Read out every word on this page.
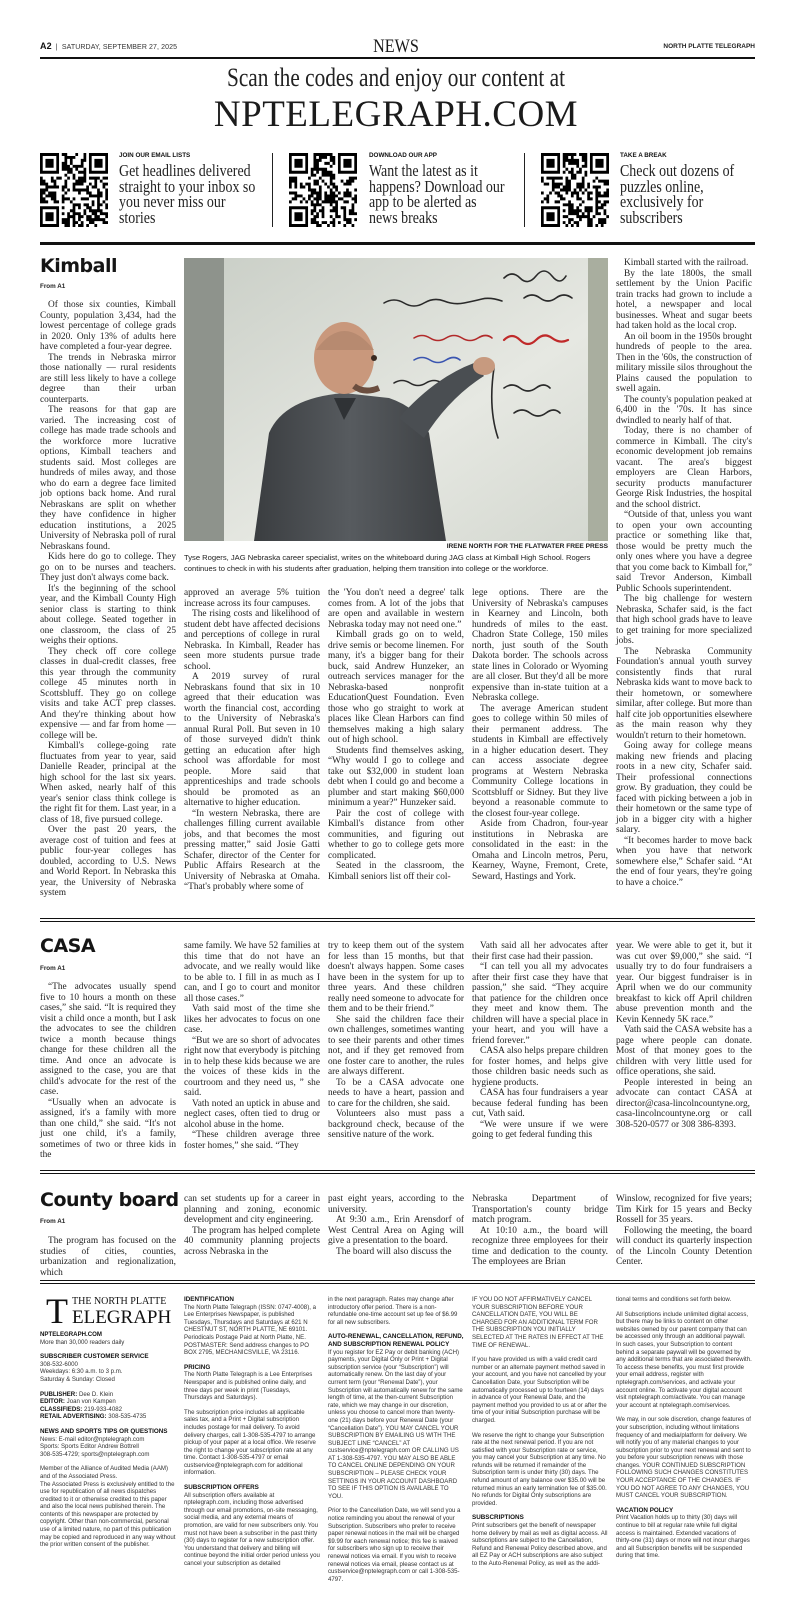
A2  |  SATURDAY, SEPTEMBER 27, 2025	NEWS	NORTH PLATTE TELEGRAPH
Scan the codes and enjoy our content at
NPTELEGRAPH.COM
JOIN OUR EMAIL LISTS
Get headlines delivered straight to your inbox so you never miss our stories
DOWNLOAD OUR APP
Want the latest as it happens? Download our app to be alerted as news breaks
TAKE A BREAK
Check out dozens of puzzles online, exclusively for subscribers
Kimball
From A1
IRENE NORTH FOR THE FLATWATER FREE PRESS
Tyse Rogers, JAG Nebraska career specialist, writes on the whiteboard during JAG class at Kimball High School. Rogers continues to check in with his students after graduation, helping them transition into college or the workforce.

Of those six counties, Kimball County, population 3,434, had the lowest percentage of college grads in 2020. Only 13% of adults here have completed a four-year degree.

The trends in Nebraska mirror those nationally — rural residents are still less likely to have a college degree than their urban counterparts.

The reasons for that gap are varied. The increasing cost of college has made trade schools and the workforce more lucrative options, Kimball teachers and students said. Most colleges are hundreds of miles away, and those who do earn a degree face limited job options back home. And rural Nebraskans are split on whether they have confidence in higher education institutions, a 2025 University of Nebraska poll of rural Nebraskans found.

Kids here do go to college. They go on to be nurses and teachers. They just don't always come back.

It's the beginning of the school year, and the Kimball County High senior class is starting to think about college. Seated together in one classroom, the class of 25 weighs their options.

They check off core college classes in dual-credit classes, free this year through the community college 45 minutes north in Scottsbluff. They go on college visits and take ACT prep classes. And they're thinking about how expensive — and far from home — college will be.

Kimball's college-going rate fluctuates from year to year, said Danielle Reader, principal at the high school for the last six years. When asked, nearly half of this year's senior class think college is the right fit for them. Last year, in a class of 18, five pursued college.

Over the past 20 years, the average cost of tuition and fees at public four-year colleges has doubled, according to U.S. News and World Report. In Nebraska this year, the University of Nebraska system

approved an average 5% tuition increase across its four campuses.

The rising costs and likelihood of student debt have affected decisions and perceptions of college in rural Nebraska. In Kimball, Reader has seen more students pursue trade school.

A 2019 survey of rural Nebraskans found that six in 10 agreed that their education was worth the financial cost, according to the University of Nebraska's annual Rural Poll. But seven in 10 of those surveyed didn't think getting an education after high school was affordable for most people. More said that apprenticeships and trade schools should be promoted as an alternative to higher education.

“In western Nebraska, there are challenges filling current available jobs, and that becomes the most pressing matter,” said Josie Gatti Schafer, director of the Center for Public Affairs Research at the University of Nebraska at Omaha. “That's probably where some of

the 'You don't need a degree' talk comes from. A lot of the jobs that are open and available in western Nebraska today may not need one.”

Kimball grads go on to weld, drive semis or become linemen. For many, it's a bigger bang for their buck, said Andrew Hunzeker, an outreach services manager for the Nebraska-based nonprofit EducationQuest Foundation. Even those who go straight to work at places like Clean Harbors can find themselves making a high salary out of high school.

Students find themselves asking, “Why would I go to college and take out $32,000 in student loan debt when I could go and become a plumber and start making $60,000 minimum a year?” Hunzeker said.

Pair the cost of college with Kimball's distance from other communities, and figuring out whether to go to college gets more complicated.

Seated in the classroom, the Kimball seniors list off their col-

lege options. There are the University of Nebraska's campuses in Kearney and Lincoln, both hundreds of miles to the east. Chadron State College, 150 miles north, just south of the South Dakota border. The schools across state lines in Colorado or Wyoming are all closer. But they'd all be more expensive than in-state tuition at a Nebraska college.

The average American student goes to college within 50 miles of their permanent address. The students in Kimball are effectively in a higher education desert. They can access associate degree programs at Western Nebraska Community College locations in Scottsbluff or Sidney. But they live beyond a reasonable commute to the closest four-year college.

Aside from Chadron, four-year institutions in Nebraska are consolidated in the east: in the Omaha and Lincoln metros, Peru, Kearney, Wayne, Fremont, Crete, Seward, Hastings and York.

Kimball started with the railroad.

By the late 1800s, the small settlement by the Union Pacific train tracks had grown to include a hotel, a newspaper and local businesses. Wheat and sugar beets had taken hold as the local crop.

An oil boom in the 1950s brought hundreds of people to the area. Then in the '60s, the construction of military missile silos throughout the Plains caused the population to swell again.

The county's population peaked at 6,400 in the '70s. It has since dwindled to nearly half of that.

Today, there is no chamber of commerce in Kimball. The city's economic development job remains vacant. The area's biggest employers are Clean Harbors, security products manufacturer George Risk Industries, the hospital and the school district.

“Outside of that, unless you want to open your own accounting practice or something like that, those would be pretty much the only ones where you have a degree that you come back to Kimball for,” said Trevor Anderson, Kimball Public Schools superintendent.

The big challenge for western Nebraska, Schafer said, is the fact that high school grads have to leave to get training for more specialized jobs.

The Nebraska Community Foundation's annual youth survey consistently finds that rural Nebraska kids want to move back to their hometown, or somewhere similar, after college. But more than half cite job opportunities elsewhere as the main reason why they wouldn't return to their hometown.

Going away for college means making new friends and placing roots in a new city, Schafer said. Their professional connections grow. By graduation, they could be faced with picking between a job in their hometown or the same type of job in a bigger city with a higher salary.

“It becomes harder to move back when you have that network somewhere else,” Schafer said. “At the end of four years, they're going to have a choice.”

CASA
From A1

“The advocates usually spend five to 10 hours a month on these cases,” she said. “It is required they visit a child once a month, but I ask the advocates to see the children twice a month because things change for these children all the time. And once an advocate is assigned to the case, you are that child's advocate for the rest of the case.

“Usually when an advocate is assigned, it's a family with more than one child,” she said. “It's not just one child, it's a family, sometimes of two or three kids in the

same family. We have 52 families at this time that do not have an advocate, and we really would like to be able to. I fill in as much as I can, and I go to court and monitor all those cases.”

Vath said most of the time she likes her advocates to focus on one case.

“But we are so short of advocates right now that everybody is pitching in to help these kids because we are the voices of these kids in the courtroom and they need us, ” she said.

Vath noted an uptick in abuse and neglect cases, often tied to drug or alcohol abuse in the home.

“These children average three foster homes,” she said. “They

try to keep them out of the system for less than 15 months, but that doesn't always happen. Some cases have been in the system for up to three years. And these children really need someone to advocate for them and to be their friend.”

She said the children face their own challenges, sometimes wanting to see their parents and other times not, and if they get removed from one foster care to another, the rules are always different.

To be a CASA advocate one needs to have a heart, passion and to care for the children, she said.

Volunteers also must pass a background check, because of the sensitive nature of the work.

Vath said all her advocates after their first case had their passion.

“I can tell you all my advocates after their first case they have that passion,” she said. “They acquire that patience for the children once they meet and know them. The children will have a special place in your heart, and you will have a friend forever.”

CASA also helps prepare children for foster homes, and helps give those children basic needs such as hygiene products.

CASA has four fundraisers a year because federal funding has been cut, Vath said.

“We were unsure if we were going to get federal funding this

year. We were able to get it, but it was cut over $9,000,” she said. “I usually try to do four fundraisers a year. Our biggest fundraiser is in April when we do our community breakfast to kick off April children abuse prevention month and the Kevin Kennedy 5K race.”

Vath said the CASA website has a page where people can donate. Most of that money goes to the children with very little used for office operations, she said.

People interested in being an advocate can contact CASA at director@casa-lincolncountyne.org, casa-lincolncountyne.org or call 308-520-0577 or 308 386-8393.

County board
From A1

The program has focused on the studies of cities, counties, urbanization and regionalization, which

can set students up for a career in planning and zoning, economic development and city engineering.

The program has helped complete 40 community planning projects across Nebraska in the

past eight years, according to the university.

At 9:30 a.m., Erin Arensdorf of West Central Area on Aging will give a presentation to the board.

The board will also discuss the

Nebraska Department of Transportation's county bridge match program.

At 10:10 a.m., the board will recognize three employees for their time and dedication to the county. The employees are Brian

Winslow, recognized for five years; Tim Kirk for 15 years and Becky Rossell for 35 years.

Following the meeting, the board will conduct its quarterly inspection of the Lincoln County Detention Center.

T THE NORTH PLATTE
ELEGRAPH
NPTELEGRAPH.COM
More than 30,000 readers daily
SUBSCRIBER CUSTOMER SERVICE
308-532-6000
Weekdays: 6:30 a.m. to 3 p.m.
Saturday & Sunday: Closed
PUBLISHER: Dee D. Klein
EDITOR: Joan von Kampen
CLASSIFIEDS: 219-933-4082
RETAIL ADVERTISING: 308-535-4735
NEWS AND SPORTS TIPS OR QUESTIONS
News: E-mail editor@nptelegraph.com
Sports: Sports Editor Andrew Bottrell
308-535-4729; sports@nptelegraph.com
Member of the Alliance of Audited Media (AAM) and of the Associated Press.
The Associated Press is exclusively entitled to the use for republication of all news dispatches credited to it or otherwise credited to this paper and also the local news published therein. The contents of this newspaper are protected by copyright. Other than non-commercial, personal use of a limited nature, no part of this publication may be copied and reproduced in any way without the prior written consent of the publisher.
IDENTIFICATION

The North Platte Telegraph (ISSN: 0747-4008), a Lee Enterprises Newspaper, is published Tuesdays, Thursdays and Saturdays at 621 N CHESTNUT ST, NORTH PLATTE, NE 69101. Periodicals Postage Paid at North Platte, NE. POSTMASTER: Send address changes to PO BOX 2795, MECHANICSVILLE, VA 23116.

PRICING

The North Platte Telegraph is a Lee Enterprises Newspaper and is published online daily, and three days per week in print (Tuesdays, Thursdays and Saturdays).

The subscription price includes all applicable sales tax, and a Print + Digital subscription includes postage for mail delivery. To avoid delivery charges, call 1-308-535-4797 to arrange pickup of your paper at a local office. We reserve the right to change your subscription rate at any time. Contact 1-308-535-4797 or email custservice@nptelegraph.com for additional information.

SUBSCRIPTION OFFERS

All subscription offers available at nptelegraph.com, including those advertised through our email promotions, on-site messaging, social media, and any external means of promotion, are valid for new subscribers only. You must not have been a subscriber in the past thirty (30) days to register for a new subscription offer. You understand that delivery and billing will continue beyond the initial order period unless you cancel your subscription as detailed

in the next paragraph. Rates may change after introductory offer period. There is a non-refundable one-time account set up fee of $6.99 for all new subscribers.

AUTO-RENEWAL, CANCELLATION, REFUND, AND SUBSCRIPTION RENEWAL POLICY

If you register for EZ Pay or debit banking (ACH) payments, your Digital Only or Print + Digital subscription service (your “Subscription”) will automatically renew. On the last day of your current term (your “Renewal Date”), your Subscription will automatically renew for the same length of time, at the then-current Subscription rate, which we may change in our discretion, unless you choose to cancel more than twenty-one (21) days before your Renewal Date (your “Cancellation Date”). YOU MAY CANCEL YOUR SUBSCRIPTION BY EMAILING US WITH THE SUBJECT LINE “CANCEL” AT custservice@nptelegraph.com OR CALLING US AT 1-308-535-4797. YOU MAY ALSO BE ABLE TO CANCEL ONLINE DEPENDING ON YOUR SUBSCRIPTION – PLEASE CHECK YOUR SETTINGS IN YOUR ACCOUNT DASHBOARD TO SEE IF THIS OPTION IS AVAILABLE TO YOU.

Prior to the Cancellation Date, we will send you a notice reminding you about the renewal of your Subscription. Subscribers who prefer to receive paper renewal notices in the mail will be charged $9.99 for each renewal notice; this fee is waived for subscribers who sign up to receive their renewal notices via email. If you wish to receive renewal notices via email, please contact us at custservice@nptelegraph.com or call 1-308-535-4797.

IF YOU DO NOT AFFIRMATIVELY CANCEL YOUR SUBSCRIPTION BEFORE YOUR CANCELLATION DATE, YOU WILL BE CHARGED FOR AN ADDITIONAL TERM FOR THE SUBSCRIPTION YOU INITIALLY SELECTED AT THE RATES IN EFFECT AT THE TIME OF RENEWAL.

If you have provided us with a valid credit card number or an alternate payment method saved in your account, and you have not cancelled by your Cancellation Date, your Subscription will be automatically processed up to fourteen (14) days in advance of your Renewal Date, and the payment method you provided to us at or after the time of your initial Subscription purchase will be charged.

We reserve the right to change your Subscription rate at the next renewal period. If you are not satisfied with your Subscription rate or service, you may cancel your Subscription at any time. No refunds will be returned if remainder of the Subscription term is under thirty (30) days. The refund amount of any balance over $35.00 will be returned minus an early termination fee of $35.00. No refunds for Digital Only subscriptions are provided.

SUBSCRIPTIONS

Print subscribers get the benefit of newspaper home delivery by mail as well as digital access. All subscriptions are subject to the Cancellation, Refund and Renewal Policy described above, and all EZ Pay or ACH subscriptions are also subject to the Auto-Renewal Policy, as well as the addi-

tional terms and conditions set forth below.

All Subscriptions include unlimited digital access, but there may be links to content on other websites owned by our parent company that can be accessed only through an additional paywall. In such cases, your Subscription to content behind a separate paywall will be governed by any additional terms that are associated therewith. To access these benefits, you must first provide your email address, register with nptelegraph.com/services, and activate your account online. To activate your digital account visit nptelegraph.com/activate. You can manage your account at nptelegraph.com/services.

We may, in our sole discretion, change features of your subscription, including without limitations frequency of and media/platform for delivery. We will notify you of any material changes to your subscription prior to your next renewal and sent to you before your subscription renews with those changes. YOUR CONTINUED SUBSCRIPTION FOLLOWING SUCH CHANGES CONSTITUTES YOUR ACCEPTANCE OF THE CHANGES. IF YOU DO NOT AGREE TO ANY CHANGES, YOU MUST CANCEL YOUR SUBSCRIPTION.

VACATION POLICY

Print Vacation holds up to thirty (30) days will continue to bill at regular rate while full digital access is maintained. Extended vacations of thirty-one (31) days or more will not incur charges and all Subscription benefits will be suspended during that time.
